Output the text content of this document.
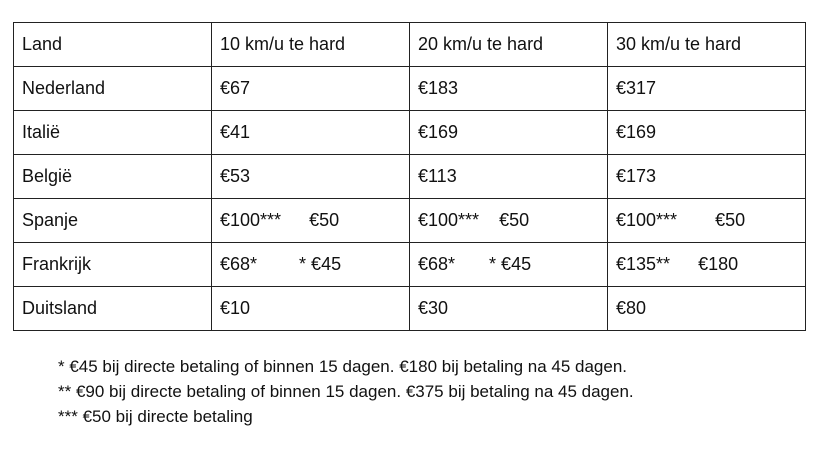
Land	10 km/u te hard	20 km/u te hard	30 km/u te hard
Nederland	€67	€183	€317
Italië	€41	€169	€169
België	€53	€113	€173
Spanje	€100*** €50	€100*** €50	€100*** €50
Frankrijk	€68* * €45	€68* * €45	€135** €180
Duitsland	€10	€30	€80
* €45 bij directe betaling of binnen 15 dagen. €180 bij betaling na 45 dagen.
** €90 bij directe betaling of binnen 15 dagen. €375 bij betaling na 45 dagen.
*** €50 bij directe betaling
